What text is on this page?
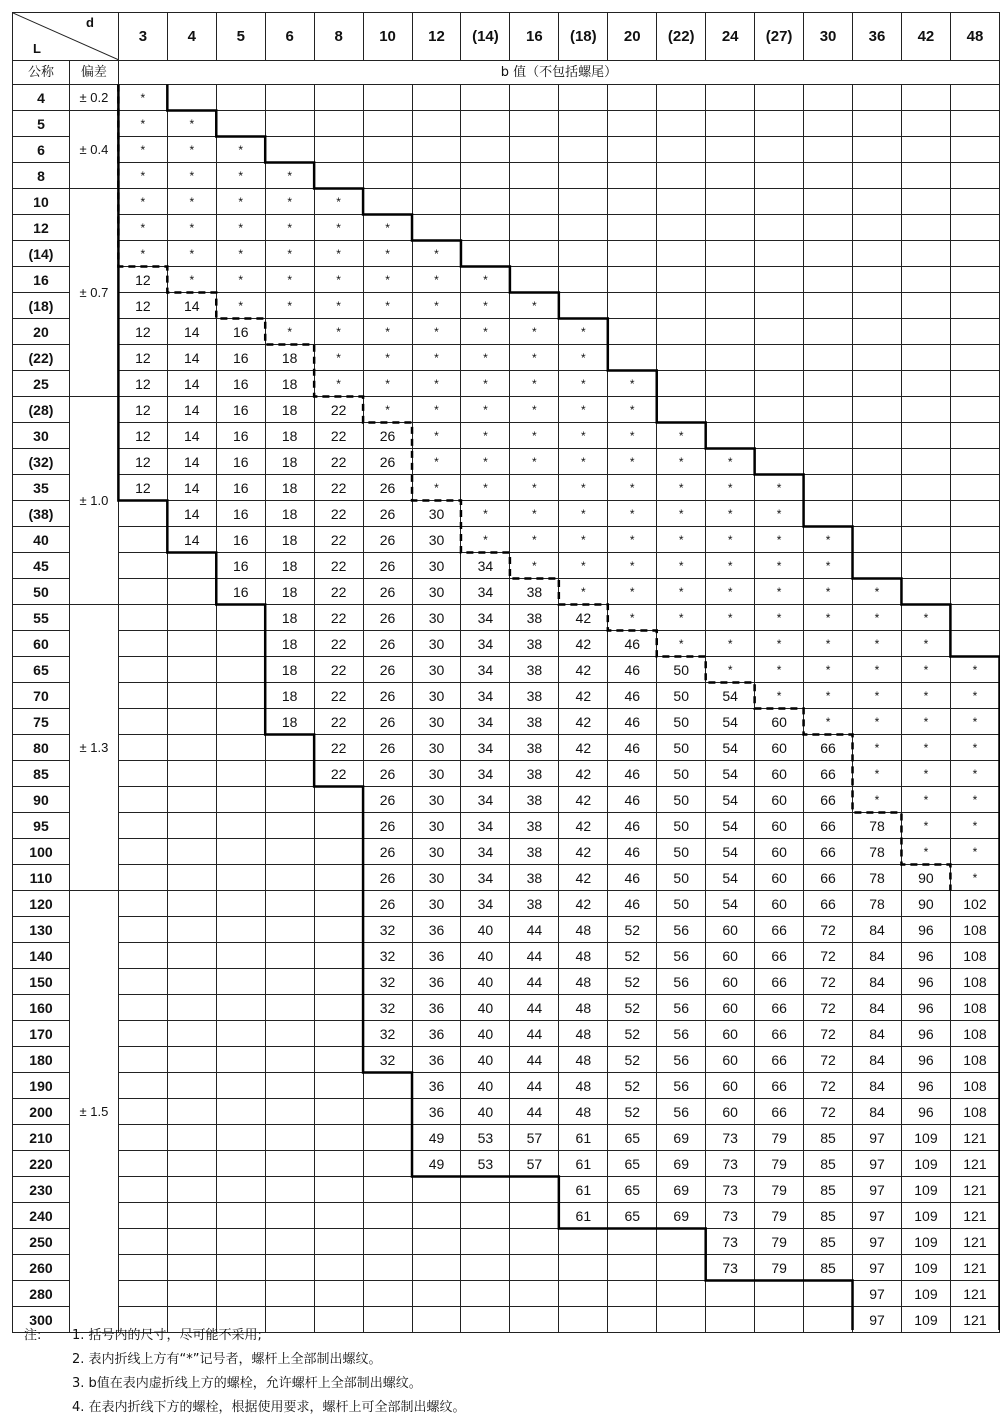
d
L		3	4	5	6	8	10	12	(14)	16	(18)	20	(22)	24	(27)	30	36	42	48
公称	偏差	b 值（不包括螺尾）																	
4	± 0.2	*																	
5	± 0.4	*	*																
6		*	*	*															
8		*	*	*	*														
10	± 0.7	*	*	*	*	*													
12		*	*	*	*	*	*												
(14)		*	*	*	*	*	*	*											
16		12	*	*	*	*	*	*	*										
(18)		12	14	*	*	*	*	*	*	*									
20		12	14	16	*	*	*	*	*	*	*								
(22)		12	14	16	18	*	*	*	*	*	*								
25		12	14	16	18	*	*	*	*	*	*	*							
(28)	± 1.0	12	14	16	18	22	*	*	*	*	*	*							
30		12	14	16	18	22	26	*	*	*	*	*	*						
(32)		12	14	16	18	22	26	*	*	*	*	*	*	*					
35		12	14	16	18	22	26	*	*	*	*	*	*	*	*				
(38)			14	16	18	22	26	30	*	*	*	*	*	*	*				
40			14	16	18	22	26	30	*	*	*	*	*	*	*	*			
45				16	18	22	26	30	34	*	*	*	*	*	*	*			
50				16	18	22	26	30	34	38	*	*	*	*	*	*	*		
55	± 1.3				18	22	26	30	34	38	42	*	*	*	*	*	*	*	
60					18	22	26	30	34	38	42	46	*	*	*	*	*	*	
65					18	22	26	30	34	38	42	46	50	*	*	*	*	*	*
70					18	22	26	30	34	38	42	46	50	54	*	*	*	*	*
75					18	22	26	30	34	38	42	46	50	54	60	*	*	*	*
80						22	26	30	34	38	42	46	50	54	60	66	*	*	*
85						22	26	30	34	38	42	46	50	54	60	66	*	*	*
90							26	30	34	38	42	46	50	54	60	66	*	*	*
95							26	30	34	38	42	46	50	54	60	66	78	*	*
100							26	30	34	38	42	46	50	54	60	66	78	*	*
110							26	30	34	38	42	46	50	54	60	66	78	90	*
120	± 1.5						26	30	34	38	42	46	50	54	60	66	78	90	102
130							32	36	40	44	48	52	56	60	66	72	84	96	108
140							32	36	40	44	48	52	56	60	66	72	84	96	108
150							32	36	40	44	48	52	56	60	66	72	84	96	108
160							32	36	40	44	48	52	56	60	66	72	84	96	108
170							32	36	40	44	48	52	56	60	66	72	84	96	108
180							32	36	40	44	48	52	56	60	66	72	84	96	108
190								36	40	44	48	52	56	60	66	72	84	96	108
200								36	40	44	48	52	56	60	66	72	84	96	108
210								49	53	57	61	65	69	73	79	85	97	109	121
220								49	53	57	61	65	69	73	79	85	97	109	121
230											61	65	69	73	79	85	97	109	121
240											61	65	69	73	79	85	97	109	121
250														73	79	85	97	109	121
260														73	79	85	97	109	121
280																	97	109	121
300																	97	109	121
注: 1. 括号内的尺寸，尽可能不采用;
2. 表内折线上方有“*”记号者，螺杆上全部制出螺纹。
3. b值在表内虚折线上方的螺栓，允许螺杆上全部制出螺纹。
4. 在表内折线下方的螺栓，根据使用要求，螺杆上可全部制出螺纹。
